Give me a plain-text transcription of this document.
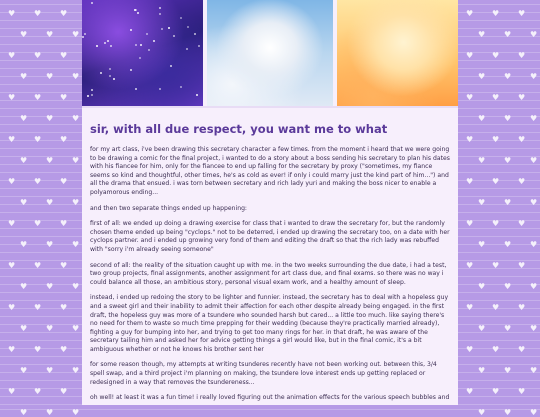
♥ ♥ ♥
♥ ♥ ♥
♥ ♥ ♥
♥ ♥ ♥
♥ ♥ ♥
♥ ♥ ♥
♥ ♥ ♥
♥ ♥ ♥
♥ ♥ ♥
♥ ♥ ♥
♥ ♥ ♥
♥ ♥ ♥
♥ ♥ ♥
♥ ♥ ♥
♥ ♥ ♥
♥ ♥ ♥
♥ ♥ ♥
♥ ♥ ♥
♥ ♥ ♥
♥ ♥ ♥
♥ ♥ ♥
♥ ♥ ♥
♥ ♥ ♥
♥ ♥ ♥
♥ ♥ ♥
♥ ♥ ♥
♥ ♥ ♥
♥ ♥ ♥
♥ ♥ ♥
♥ ♥ ♥
♥ ♥ ♥
♥ ♥ ♥
♥ ♥ ♥
♥ ♥ ♥
♥ ♥ ♥
♥ ♥ ♥
♥ ♥ ♥
♥ ♥ ♥
♥ ♥ ♥
♥ ♥ ♥
sir, with all due respect, you want me to what

for my art class, i've been drawing this secretary character a few times. from the moment i heard that we were going to be drawing a comic for the final project, i wanted to do a story about a boss sending his secretary to plan his dates with his fiancee for him, only for the fiancee to end up falling for the secretary by proxy ("sometimes, my fiance seems so kind and thoughtful, other times, he's as cold as ever! if only i could marry just the kind part of him...") and all the drama that ensued. i was torn between secretary and rich lady yuri and making the boss nicer to enable a polyamorous ending...

and then two separate things ended up happening:

first of all: we ended up doing a drawing exercise for class that i wanted to draw the secretary for, but the randomly chosen theme ended up being "cyclops." not to be deterred, i ended up drawing the secretary too, on a date with her cyclops partner. and i ended up growing very fond of them and editing the draft so that the rich lady was rebuffed with "sorry i'm already seeing someone"

second of all: the reality of the situation caught up with me. in the two weeks surrounding the due date, i had a test, two group projects, final assignments, another assignment for art class due, and final exams. so there was no way i could balance all those, an ambitious story, personal visual exam work, and a healthy amount of sleep.

instead, i ended up redoing the story to be lighter and funnier. instead, the secretary has to deal with a hopeless guy and a sweet girl and their inability to admit their affection for each other despite already being engaged. in the first draft, the hopeless guy was more of a tsundere who sounded harsh but cared... a little too much. like saying there's no need for them to waste so much time prepping for their wedding (because they're practically married already), fighting a guy for bumping into her, and trying to get too many rings for her. in that draft, he was aware of the secretary tailing him and asked her for advice getting things a girl would like, but in the final comic, it's a bit ambiguous whether or not he knows his brother sent her

for some reason though, my attempts at writing tsunderes recently have not been working out. between this, 3/4 spell swap, and a third project i'm planning on making, the tsundere love interest ends up getting replaced or redesigned in a way that removes the tsundereness...

oh well! at least it was a fun time! i really loved figuring out the animation effects for the various speech bubbles and
